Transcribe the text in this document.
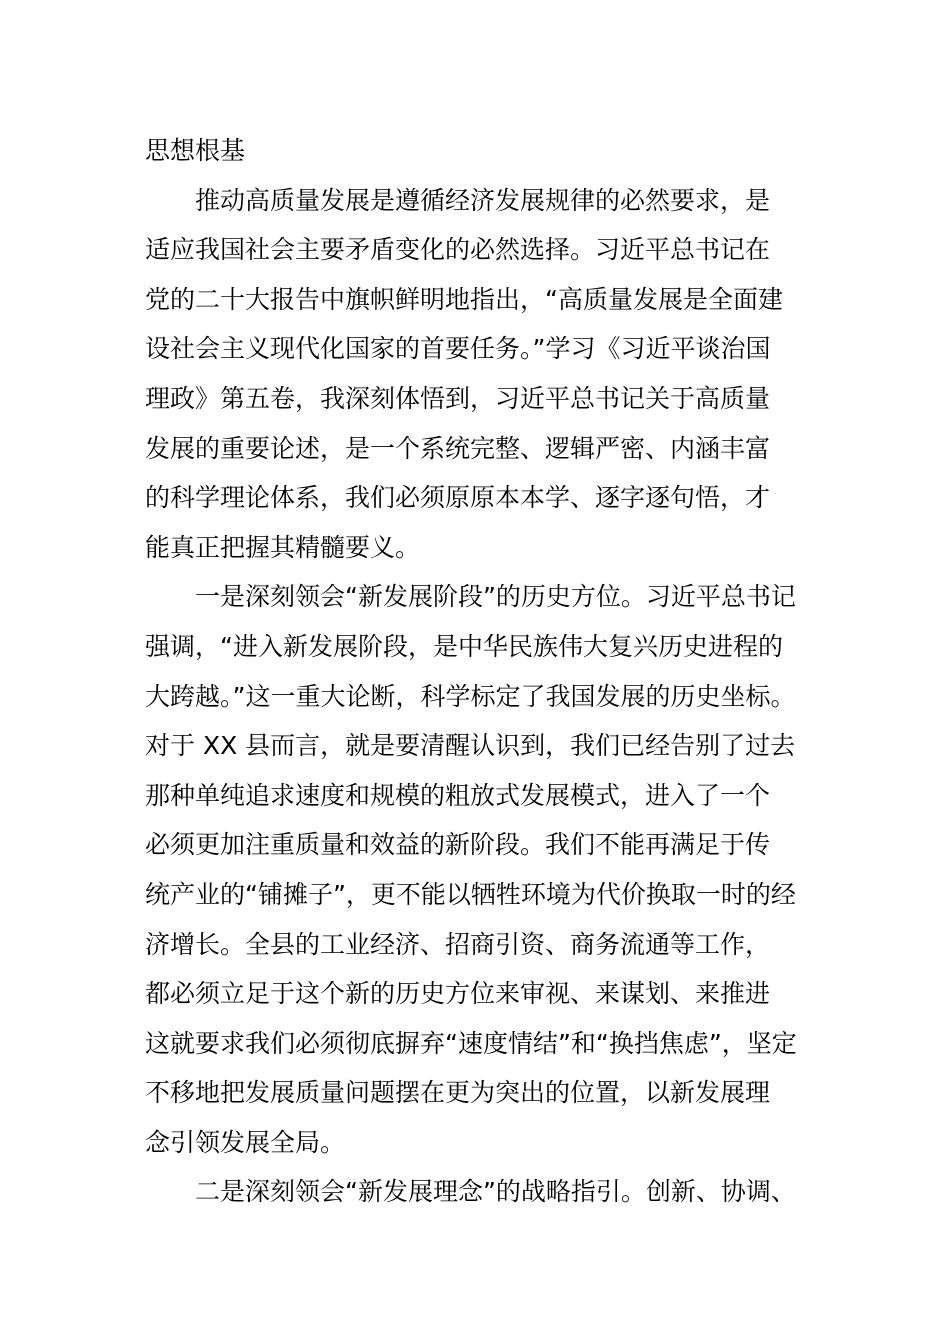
思想根基
推动高质量发展是遵循经济发展规律的必然要求，是
适应我国社会主要矛盾变化的必然选择。习近平总书记在
党的二十大报告中旗帜鲜明地指出，“高质量发展是全面建
设社会主义现代化国家的首要任务。”学习《习近平谈治国
理政》第五卷，我深刻体悟到，习近平总书记关于高质量
发展的重要论述，是一个系统完整、逻辑严密、内涵丰富
的科学理论体系，我们必须原原本本学、逐字逐句悟，才
能真正把握其精髓要义。
一是深刻领会“新发展阶段”的历史方位。习近平总书记
强调，“进入新发展阶段，是中华民族伟大复兴历史进程的
大跨越。”这一重大论断，科学标定了我国发展的历史坐标。
对于 XX 县而言，就是要清醒认识到，我们已经告别了过去
那种单纯追求速度和规模的粗放式发展模式，进入了一个
必须更加注重质量和效益的新阶段。我们不能再满足于传
统产业的“铺摊子”，更不能以牺牲环境为代价换取一时的经
济增长。全县的工业经济、招商引资、商务流通等工作，
都必须立足于这个新的历史方位来审视、来谋划、来推进
这就要求我们必须彻底摒弃“速度情结”和“换挡焦虑”，坚定
不移地把发展质量问题摆在更为突出的位置，以新发展理
念引领发展全局。
二是深刻领会“新发展理念”的战略指引。创新、协调、
